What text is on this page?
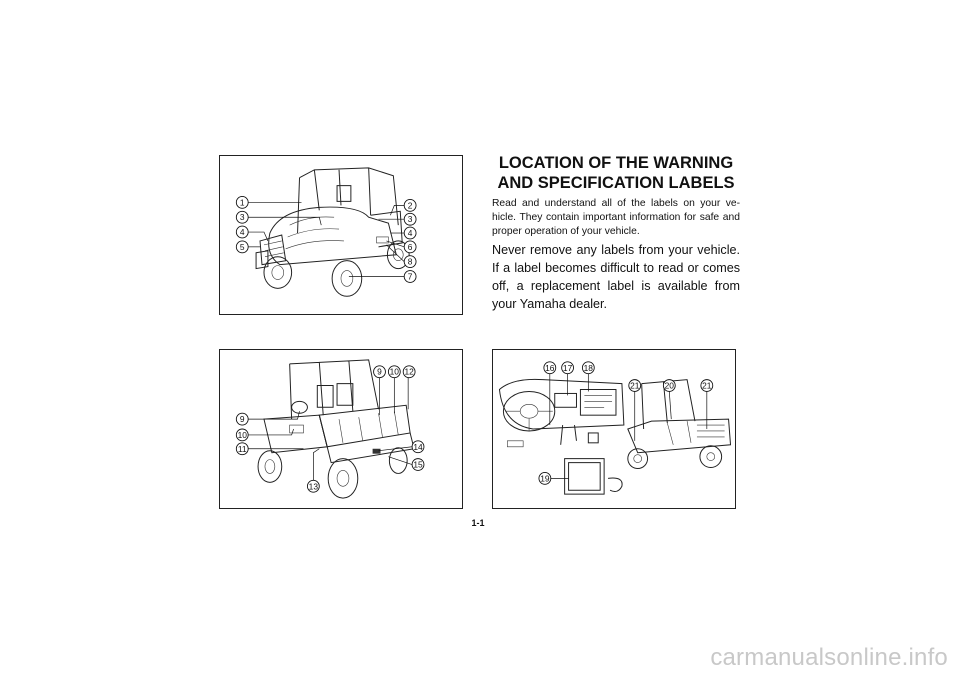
1
3
4
5
2
3
4
6
8
7
9 10 12
9
10
11	14
15
13
16 17 18
19
21	20	21
LOCATION OF THE WARNING
AND SPECIFICATION LABELS

Read and understand all of the labels on your ve-hicle. They contain important information for safe and proper operation of your vehicle.

Never remove any labels from your vehicle. If a label becomes difficult to read or comes off, a replacement label is available from your Yamaha dealer.

1-1
carmanualsonline.info
